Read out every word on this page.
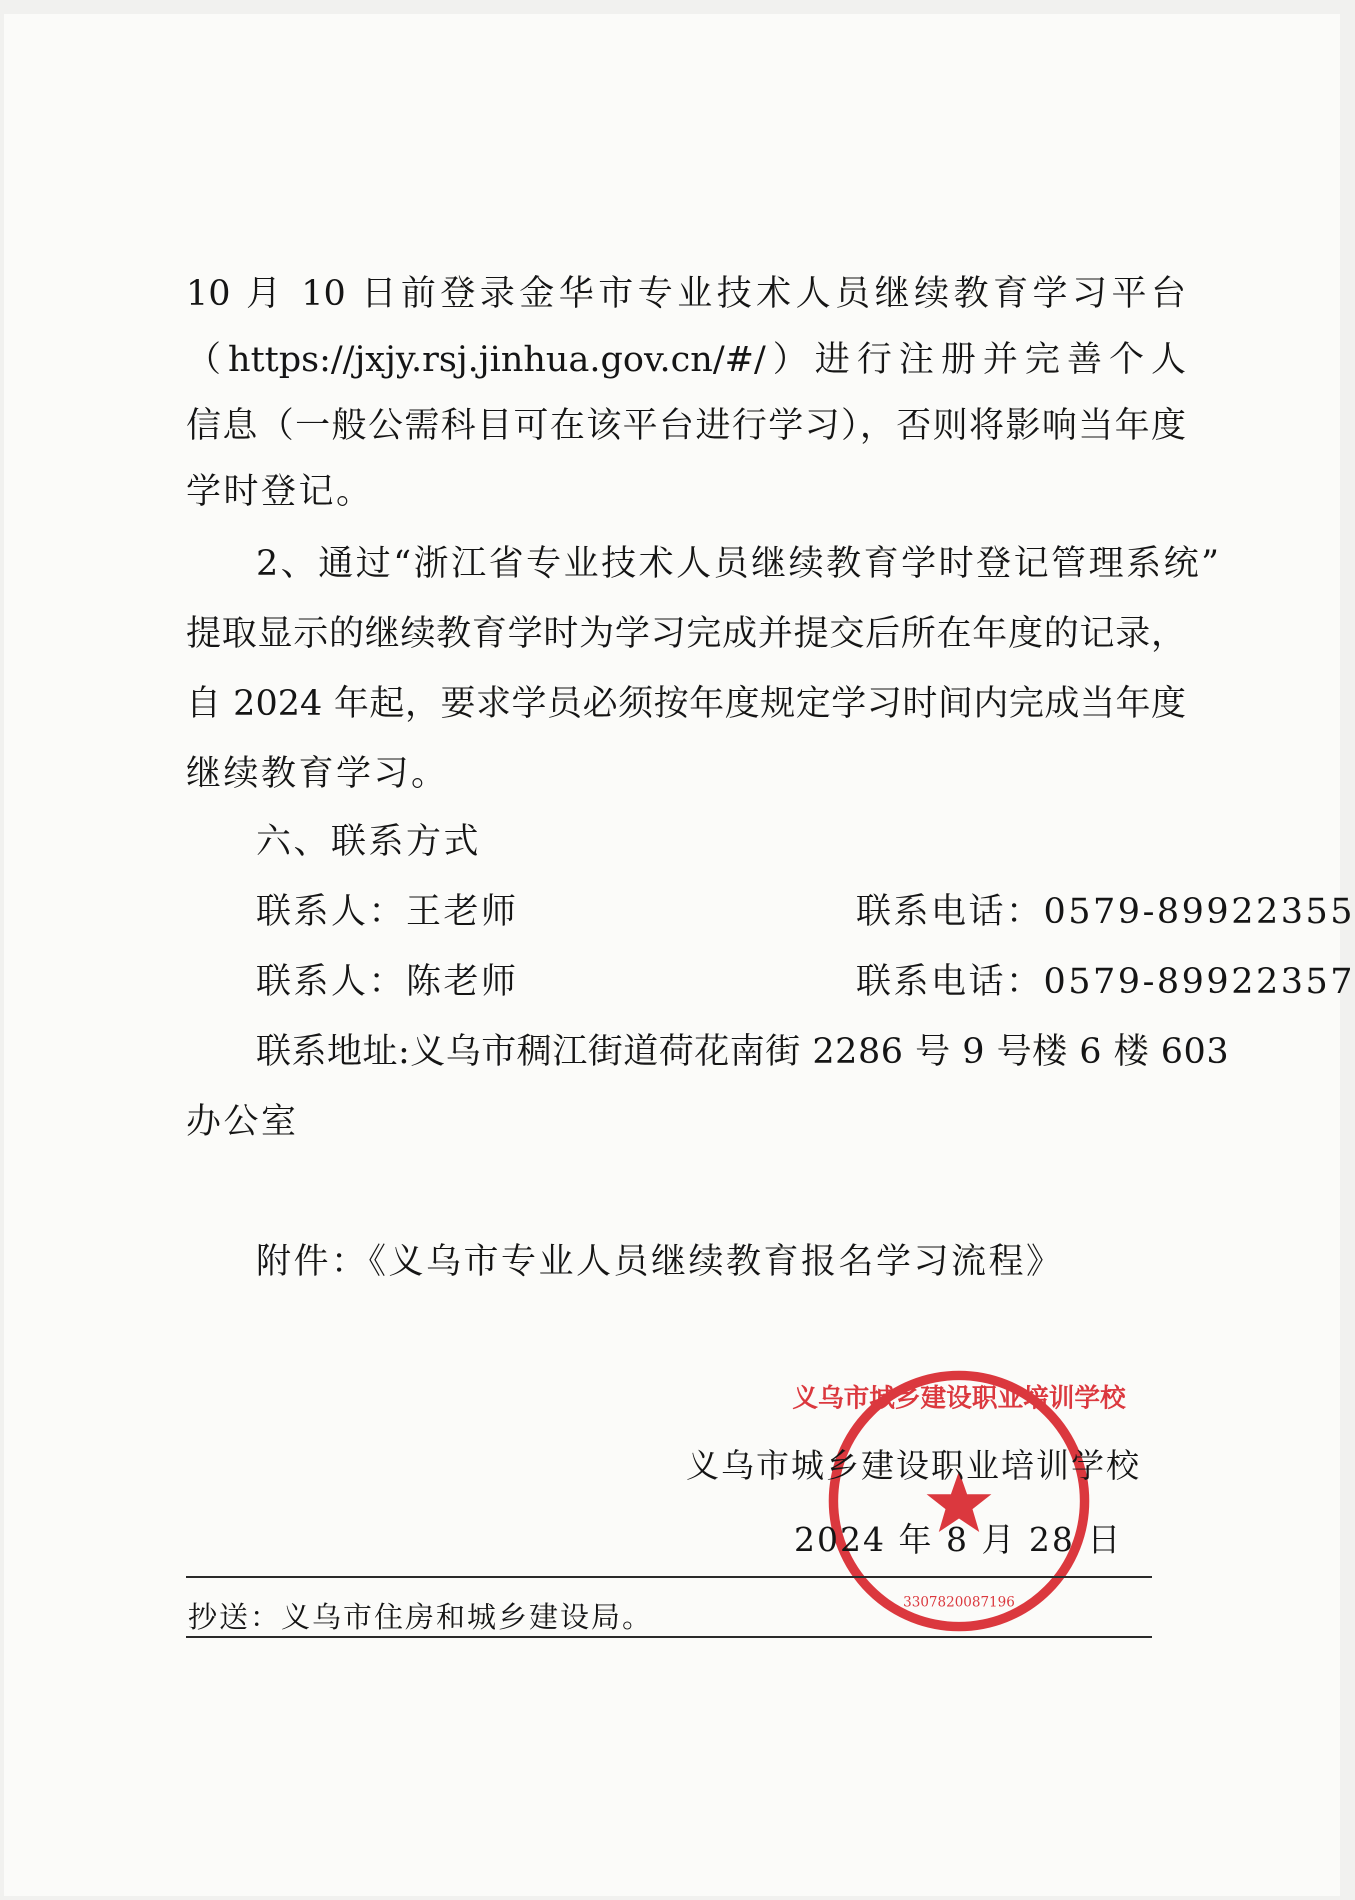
10 月 10 日前登录金华市专业技术人员继续教育学习平台
（https://jxjy.rsj.jinhua.gov.cn/#/）进行注册并完善个人
信息（一般公需科目可在该平台进行学习），否则将影响当年度
学时登记。
2、通过“浙江省专业技术人员继续教育学时登记管理系统”
提取显示的继续教育学时为学习完成并提交后所在年度的记录，
自 2024 年起，要求学员必须按年度规定学习时间内完成当年度
继续教育学习。
六、联系方式
联系人：王老师	联系电话：0579-89922355
联系人：陈老师	联系电话：0579-89922357
联系地址:义乌市稠江街道荷花南街 2286 号 9 号楼 6 楼 603
办公室
附件：《义乌市专业人员继续教育报名学习流程》
义乌市城乡建设职业培训学校
3307820087196
义乌市城乡建设职业培训学校
2024 年 8 月 28 日
抄送：义乌市住房和城乡建设局。
